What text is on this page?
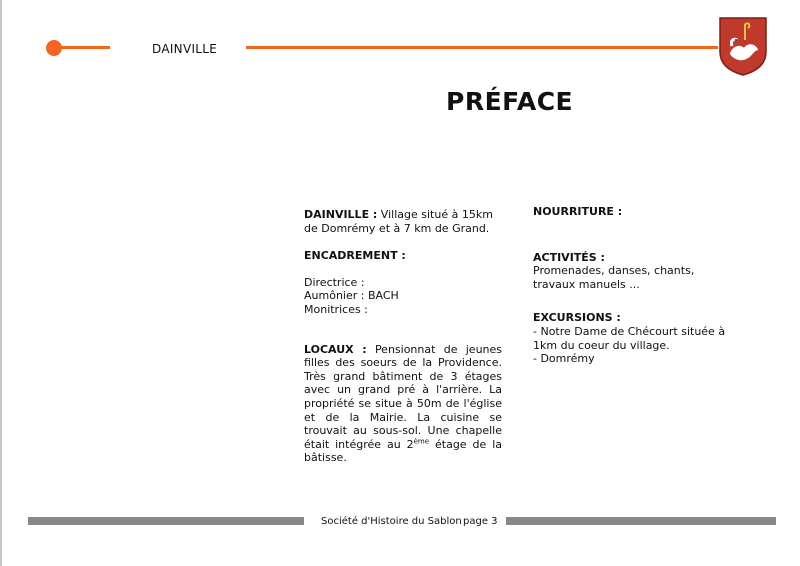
DAINVILLE
PRÉFACE

DAINVILLE : Village situé à 15km de Domrémy et à 7 km de Grand.

ENCADREMENT :

Directrice :

Aumônier : BACH

Monitrices :

LOCAUX : Pensionnat de jeunes filles des soeurs de la Providence. Très grand bâtiment de 3 étages avec un grand pré à l'arrière. La propriété se situe à 50m de l'église et de la Mairie. La cuisine se trouvait au sous-sol. Une chapelle était intégrée au 2ème étage de la bâtisse.

NOURRITURE :

ACTIVITÉS :

Promenades, danses, chants, travaux manuels ...

EXCURSIONS :

- Notre Dame de Chécourt située à 1km du coeur du village.

- Domrémy

Société d'Histoire du Sablon page 3
